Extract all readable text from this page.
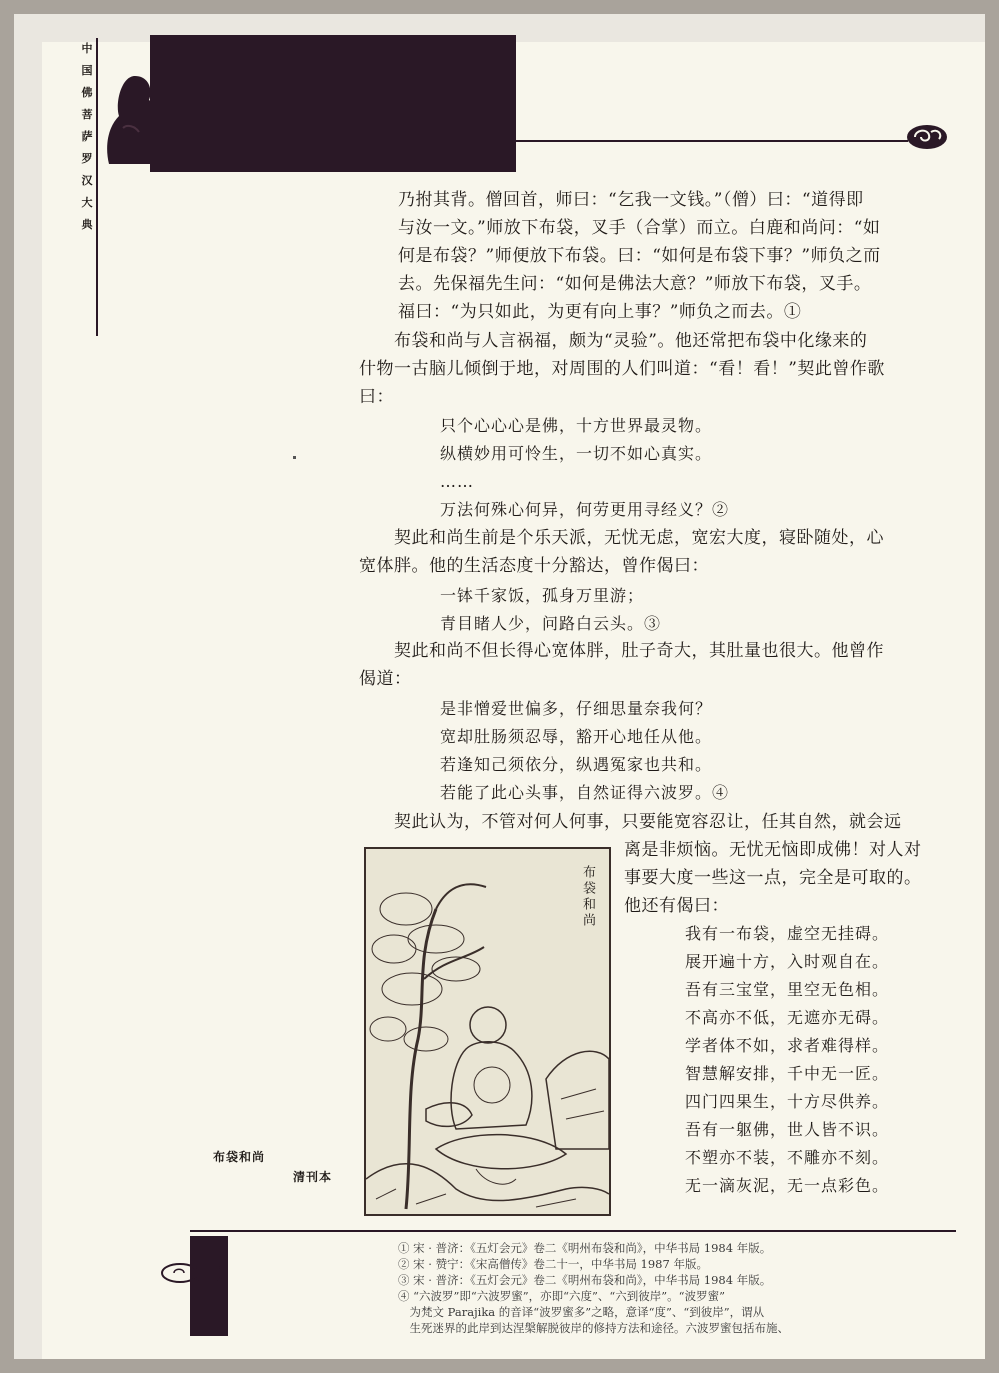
中
国
佛
菩
萨
罗
汉
大
典
乃拊其背。僧回首，师曰：“乞我一文钱。”（僧）曰：“道得即
与汝一文。”师放下布袋，叉手（合掌）而立。白鹿和尚问：“如
何是布袋？”师便放下布袋。曰：“如何是布袋下事？”师负之而
去。先保福先生问：“如何是佛法大意？”师放下布袋，叉手。
福曰：“为只如此，为更有向上事？”师负之而去。①
　　布袋和尚与人言祸福，颇为“灵验”。他还常把布袋中化缘来的
什物一古脑儿倾倒于地，对周围的人们叫道：“看！看！”契此曾作歌
曰：
只个心心心是佛，十方世界最灵物。
纵横妙用可怜生，一切不如心真实。
……
万法何殊心何异，何劳更用寻经义？②
　　契此和尚生前是个乐天派，无忧无虑，宽宏大度，寝卧随处，心
宽体胖。他的生活态度十分豁达，曾作偈曰：
一钵千家饭，孤身万里游；
青目睹人少，问路白云头。③
　　契此和尚不但长得心宽体胖，肚子奇大，其肚量也很大。他曾作
偈道：
是非憎爱世偏多，仔细思量奈我何？
宽却肚肠须忍辱，豁开心地任从他。
若逢知己须依分，纵遇冤家也共和。
若能了此心头事，自然证得六波罗。④
　　契此认为，不管对何人何事，只要能宽容忍让，任其自然，就会远
离是非烦恼。无忧无恼即成佛！对人对
事要大度一些这一点，完全是可取的。
他还有偈曰：
我有一布袋，虚空无挂碍。
展开遍十方，入时观自在。
吾有三宝堂，里空无色相。
不高亦不低，无遮亦无碍。
学者体不如，求者难得样。
智慧解安排，千中无一匠。
四门四果生，十方尽供养。
吾有一躯佛，世人皆不识。
不塑亦不装，不雕亦不刻。
无一滴灰泥，无一点彩色。
布袋和尚
布袋和尚
清刊本
① 宋 · 普济：《五灯会元》卷二《明州布袋和尚》，中华书局 1984 年版。
② 宋 · 赞宁：《宋高僧传》卷二十一，中华书局 1987 年版。
③ 宋 · 普济：《五灯会元》卷二《明州布袋和尚》，中华书局 1984 年版。
④ “六波罗”即“六波罗蜜”，亦即“六度”、“六到彼岸”。“波罗蜜”
　为梵文 Parajika 的音译“波罗蜜多”之略，意译“度”、“到彼岸”，谓从
　生死迷界的此岸到达涅槃解脱彼岸的修持方法和途径。六波罗蜜包括布施、
